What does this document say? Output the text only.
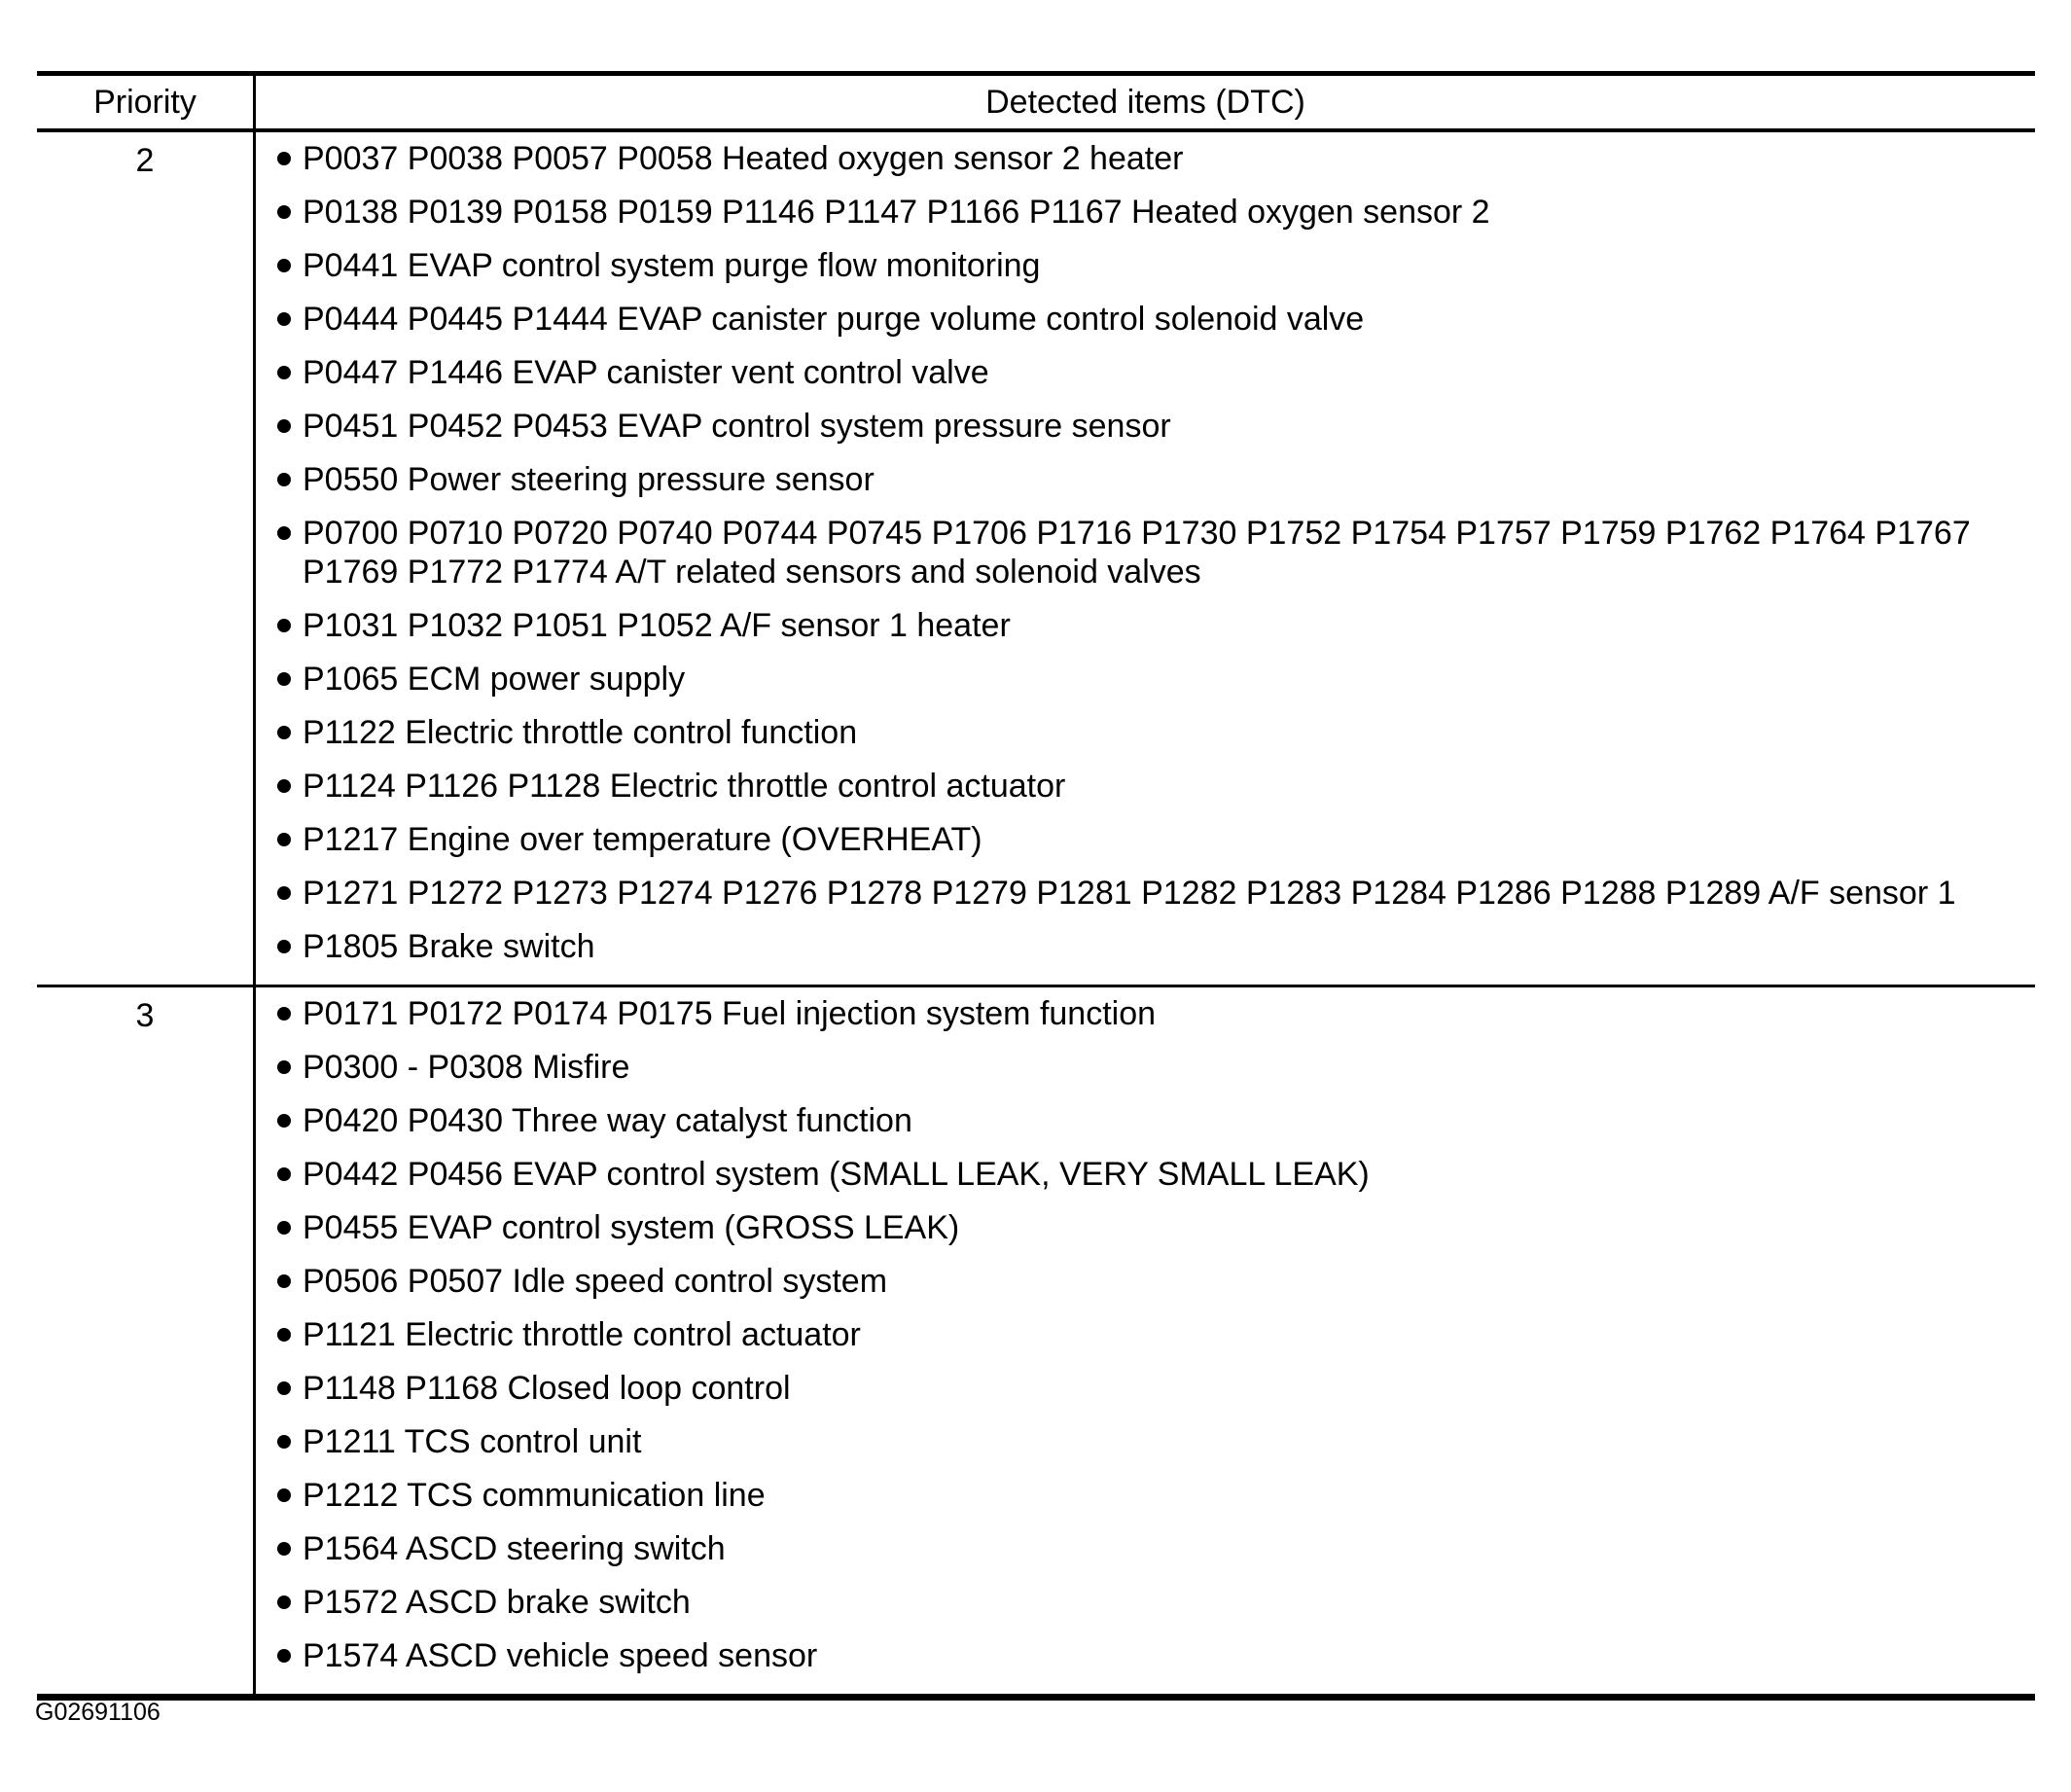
Priority	Detected items (DTC)
2	P0037 P0038 P0057 P0058 Heated oxygen sensor 2 heater
P0138 P0139 P0158 P0159 P1146 P1147 P1166 P1167 Heated oxygen sensor 2
P0441 EVAP control system purge flow monitoring
P0444 P0445 P1444 EVAP canister purge volume control solenoid valve
P0447 P1446 EVAP canister vent control valve
P0451 P0452 P0453 EVAP control system pressure sensor
P0550 Power steering pressure sensor
P0700 P0710 P0720 P0740 P0744 P0745 P1706 P1716 P1730 P1752 P1754 P1757 P1759 P1762 P1764 P1767 P1769 P1772 P1774 A/T related sensors and solenoid valves
P1031 P1032 P1051 P1052 A/F sensor 1 heater
P1065 ECM power supply
P1122 Electric throttle control function
P1124 P1126 P1128 Electric throttle control actuator
P1217 Engine over temperature (OVERHEAT)
P1271 P1272 P1273 P1274 P1276 P1278 P1279 P1281 P1282 P1283 P1284 P1286 P1288 P1289 A/F sensor 1
P1805 Brake switch
3	P0171 P0172 P0174 P0175 Fuel injection system function
P0300 - P0308 Misfire
P0420 P0430 Three way catalyst function
P0442 P0456 EVAP control system (SMALL LEAK, VERY SMALL LEAK)
P0455 EVAP control system (GROSS LEAK)
P0506 P0507 Idle speed control system
P1121 Electric throttle control actuator
P1148 P1168 Closed loop control
P1211 TCS control unit
P1212 TCS communication line
P1564 ASCD steering switch
P1572 ASCD brake switch
P1574 ASCD vehicle speed sensor
G02691106
